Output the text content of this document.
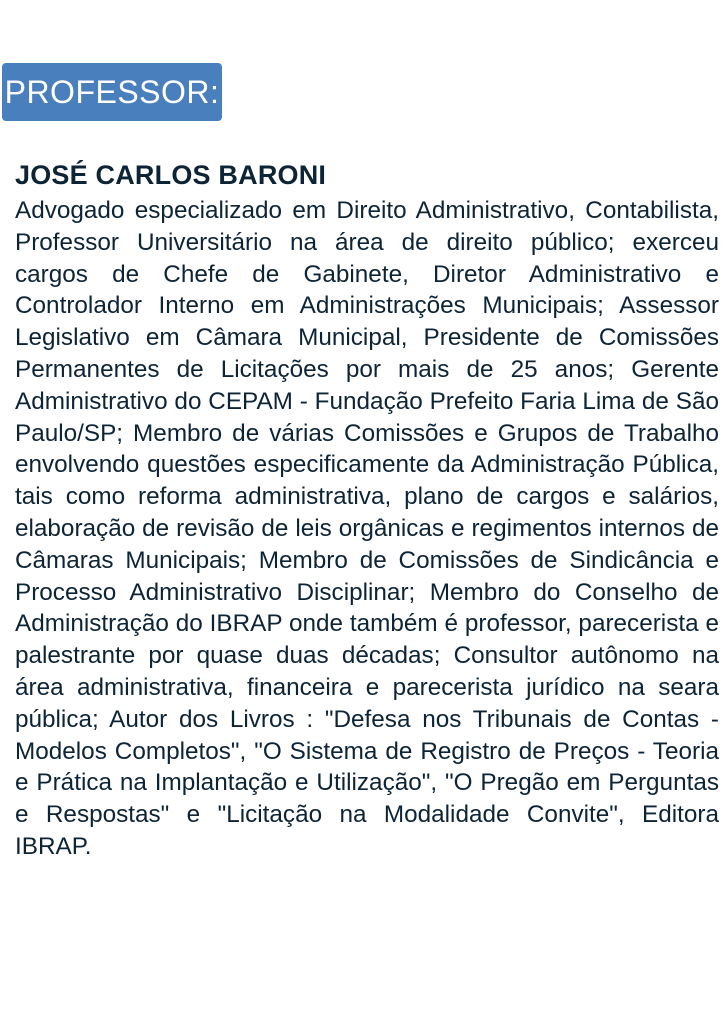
PROFESSOR:
JOSÉ CARLOS BARONI

Advogado especializado em Direito Administrativo, Contabilista, Professor Universitário na área de direito público; exerceu cargos de Chefe de Gabinete, Diretor Administrativo e Controlador Interno em Administrações Municipais; Assessor Legislativo em Câmara Municipal, Presidente de Comissões Permanentes de Licitações por mais de 25 anos; Gerente Administrativo do CEPAM - Fundação Prefeito Faria Lima de São Paulo/SP; Membro de várias Comissões e Grupos de Trabalho envolvendo questões especificamente da Administração Pública, tais como reforma administrativa, plano de cargos e salários, elaboração de revisão de leis orgânicas e regimentos internos de Câmaras Municipais; Membro de Comissões de Sindicância e Processo Administrativo Disciplinar; Membro do Conselho de Administração do IBRAP onde também é professor, parecerista e palestrante por quase duas décadas; Consultor autônomo na área administrativa, financeira e parecerista jurídico na seara pública; Autor dos Livros : "Defesa nos Tribunais de Contas - Modelos Completos", "O Sistema de Registro de Preços - Teoria e Prática na Implantação e Utilização", "O Pregão em Perguntas e Respostas" e "Licitação na Modalidade Convite", Editora IBRAP.
